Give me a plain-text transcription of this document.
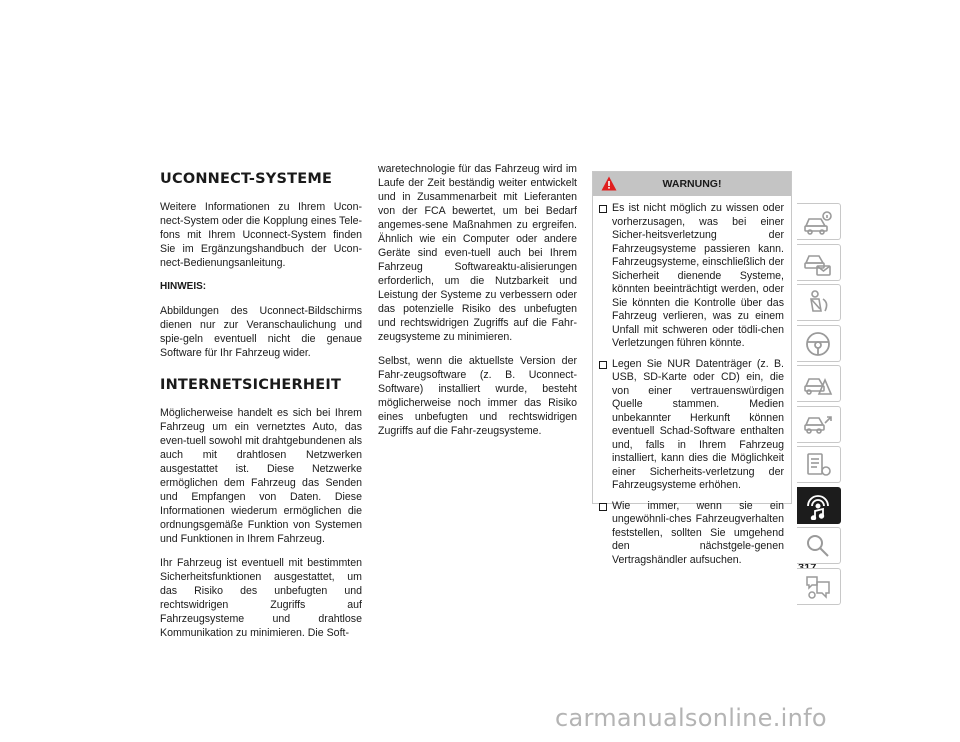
UCONNECT-SYSTEME

Weitere Informationen zu Ihrem Ucon-nect-System oder die Kopplung eines Tele-fons mit Ihrem Uconnect-System finden Sie im Ergänzungshandbuch der Ucon-nect-Bedienungsanleitung.

HINWEIS:

Abbildungen des Uconnect-Bildschirms dienen nur zur Veranschaulichung und spie-geln eventuell nicht die genaue Software für Ihr Fahrzeug wider.

INTERNETSICHERHEIT

Möglicherweise handelt es sich bei Ihrem Fahrzeug um ein vernetztes Auto, das even-tuell sowohl mit drahtgebundenen als auch mit drahtlosen Netzwerken ausgestattet ist. Diese Netzwerke ermöglichen dem Fahrzeug das Senden und Empfangen von Daten. Diese Informationen wiederum ermöglichen die ordnungsgemäße Funktion von Systemen und Funktionen in Ihrem Fahrzeug.

Ihr Fahrzeug ist eventuell mit bestimmten Sicherheitsfunktionen ausgestattet, um das Risiko des unbefugten und rechtswidrigen Zugriffs auf Fahrzeugsysteme und drahtlose Kommunikation zu minimieren. Die Soft-

waretechnologie für das Fahrzeug wird im Laufe der Zeit beständig weiter entwickelt und in Zusammenarbeit mit Lieferanten von der FCA bewertet, um bei Bedarf angemes-sene Maßnahmen zu ergreifen. Ähnlich wie ein Computer oder andere Geräte sind even-tuell auch bei Ihrem Fahrzeug Softwareaktu-alisierungen erforderlich, um die Nutzbarkeit und Leistung der Systeme zu verbessern oder das potenzielle Risiko des unbefugten und rechtswidrigen Zugriffs auf die Fahr-zeugsysteme zu minimieren.

Selbst, wenn die aktuellste Version der Fahr-zeugsoftware (z. B. Uconnect-Software) installiert wurde, besteht möglicherweise noch immer das Risiko eines unbefugten und rechtswidrigen Zugriffs auf die Fahr-zeugsysteme.

WARNUNG!
Es ist nicht möglich zu wissen oder vorherzusagen, was bei einer Sicher-heitsverletzung der Fahrzeugsysteme passieren kann. Fahrzeugsysteme, einschließlich der Sicherheit dienende Systeme, könnten beeinträchtigt werden, oder Sie könnten die Kontrolle über das Fahrzeug verlieren, was zu einem Unfall mit schweren oder tödli-chen Verletzungen führen könnte.
Legen Sie NUR Datenträger (z. B. USB, SD-Karte oder CD) ein, die von einer vertrauenswürdigen Quelle stammen. Medien unbekannter Herkunft können eventuell Schad-Software enthalten und, falls in Ihrem Fahrzeug installiert, kann dies die Möglichkeit einer Sicherheits-verletzung der Fahrzeugsysteme erhöhen.
Wie immer, wenn sie ein ungewöhnli-ches Fahrzeugverhalten feststellen, sollten Sie umgehend den nächstgele-genen Vertragshändler aufsuchen.
carmanualsonline.info
